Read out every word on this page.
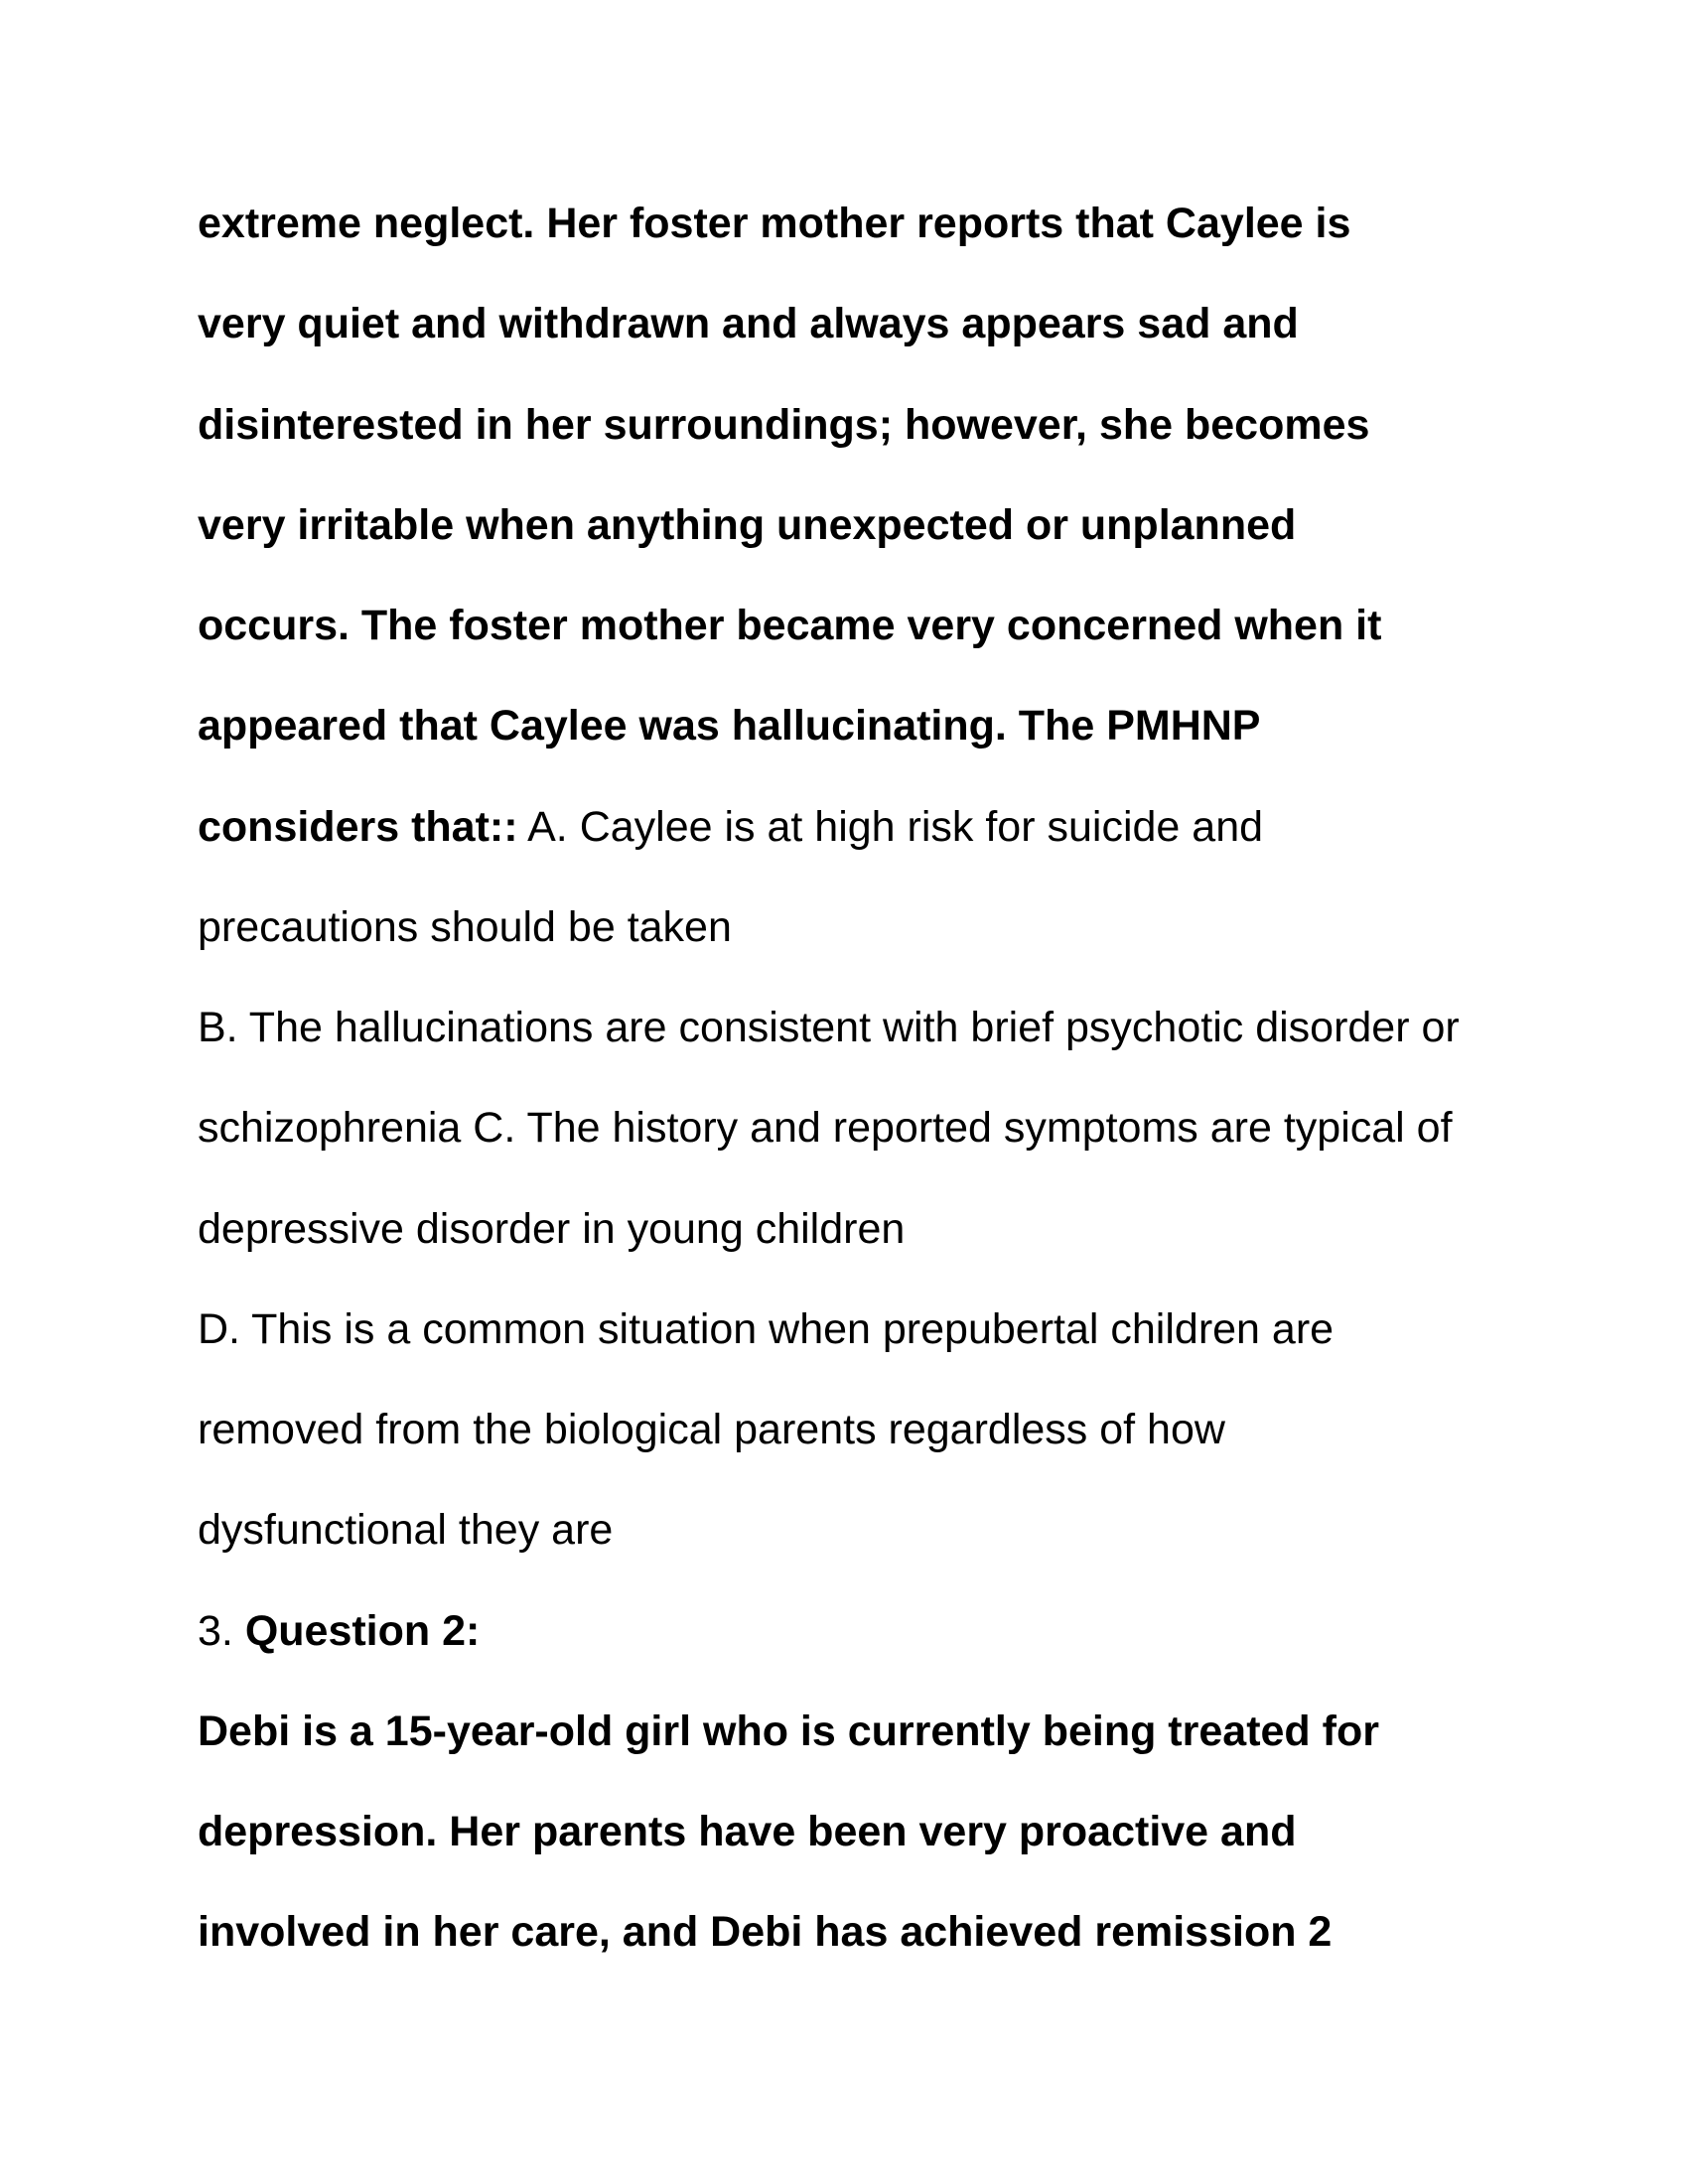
extreme neglect. Her foster mother reports that Caylee is
very quiet and withdrawn and always appears sad and
disinterested in her surroundings; however, she becomes
very irritable when anything unexpected or unplanned
occurs. The foster mother became very concerned when it
appeared that Caylee was hallucinating. The PMHNP
considers that:: A. Caylee is at high risk for suicide and
precautions should be taken
B. The hallucinations are consistent with brief psychotic disorder or
schizophrenia C. The history and reported symptoms are typical of
depressive disorder in young children
D. This is a common situation when prepubertal children are
removed from the biological parents regardless of how
dysfunctional they are
3. Question 2:
Debi is a 15-year-old girl who is currently being treated for
depression. Her parents have been very proactive and
involved in her care, and Debi has achieved remission 2
